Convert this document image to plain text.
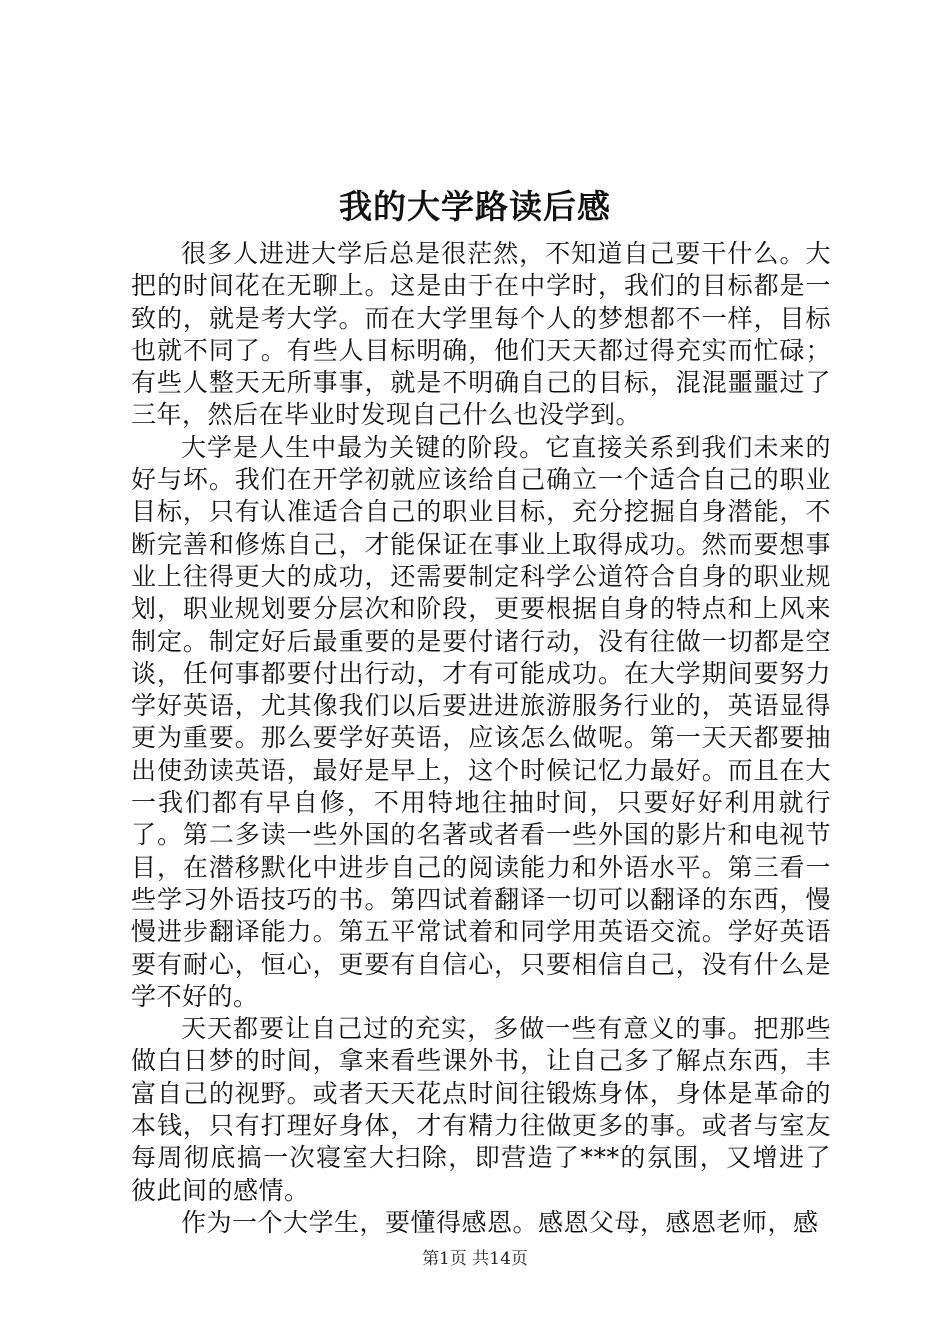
我的大学路读后感

很多人进进大学后总是很茫然，不知道自己要干什么。大把的时间花在无聊上。这是由于在中学时，我们的目标都是一致的，就是考大学。而在大学里每个人的梦想都不一样，目标也就不同了。有些人目标明确，他们天天都过得充实而忙碌；有些人整天无所事事，就是不明确自己的目标，混混噩噩过了三年，然后在毕业时发现自己什么也没学到。

大学是人生中最为关键的阶段。它直接关系到我们未来的好与坏。我们在开学初就应该给自己确立一个适合自己的职业目标，只有认准适合自己的职业目标，充分挖掘自身潜能，不断完善和修炼自己，才能保证在事业上取得成功。然而要想事业上往得更大的成功，还需要制定科学公道符合自身的职业规划，职业规划要分层次和阶段，更要根据自身的特点和上风来制定。制定好后最重要的是要付诸行动，没有往做一切都是空谈，任何事都要付出行动，才有可能成功。在大学期间要努力学好英语，尤其像我们以后要进进旅游服务行业的，英语显得更为重要。那么要学好英语，应该怎么做呢。第一天天都要抽出使劲读英语，最好是早上，这个时候记忆力最好。而且在大一我们都有早自修，不用特地往抽时间，只要好好利用就行了。第二多读一些外国的名著或者看一些外国的影片和电视节目，在潜移默化中进步自己的阅读能力和外语水平。第三看一些学习外语技巧的书。第四试着翻译一切可以翻译的东西，慢慢进步翻译能力。第五平常试着和同学用英语交流。学好英语要有耐心，恒心，更要有自信心，只要相信自己，没有什么是学不好的。

天天都要让自己过的充实，多做一些有意义的事。把那些做白日梦的时间，拿来看些课外书，让自己多了解点东西，丰富自己的视野。或者天天花点时间往锻炼身体，身体是革命的本钱，只有打理好身体，才有精力往做更多的事。或者与室友每周彻底搞一次寝室大扫除，即营造了***的氛围，又增进了彼此间的感情。

作为一个大学生，要懂得感恩。感恩父母，感恩老师，感

第1页 共14页
